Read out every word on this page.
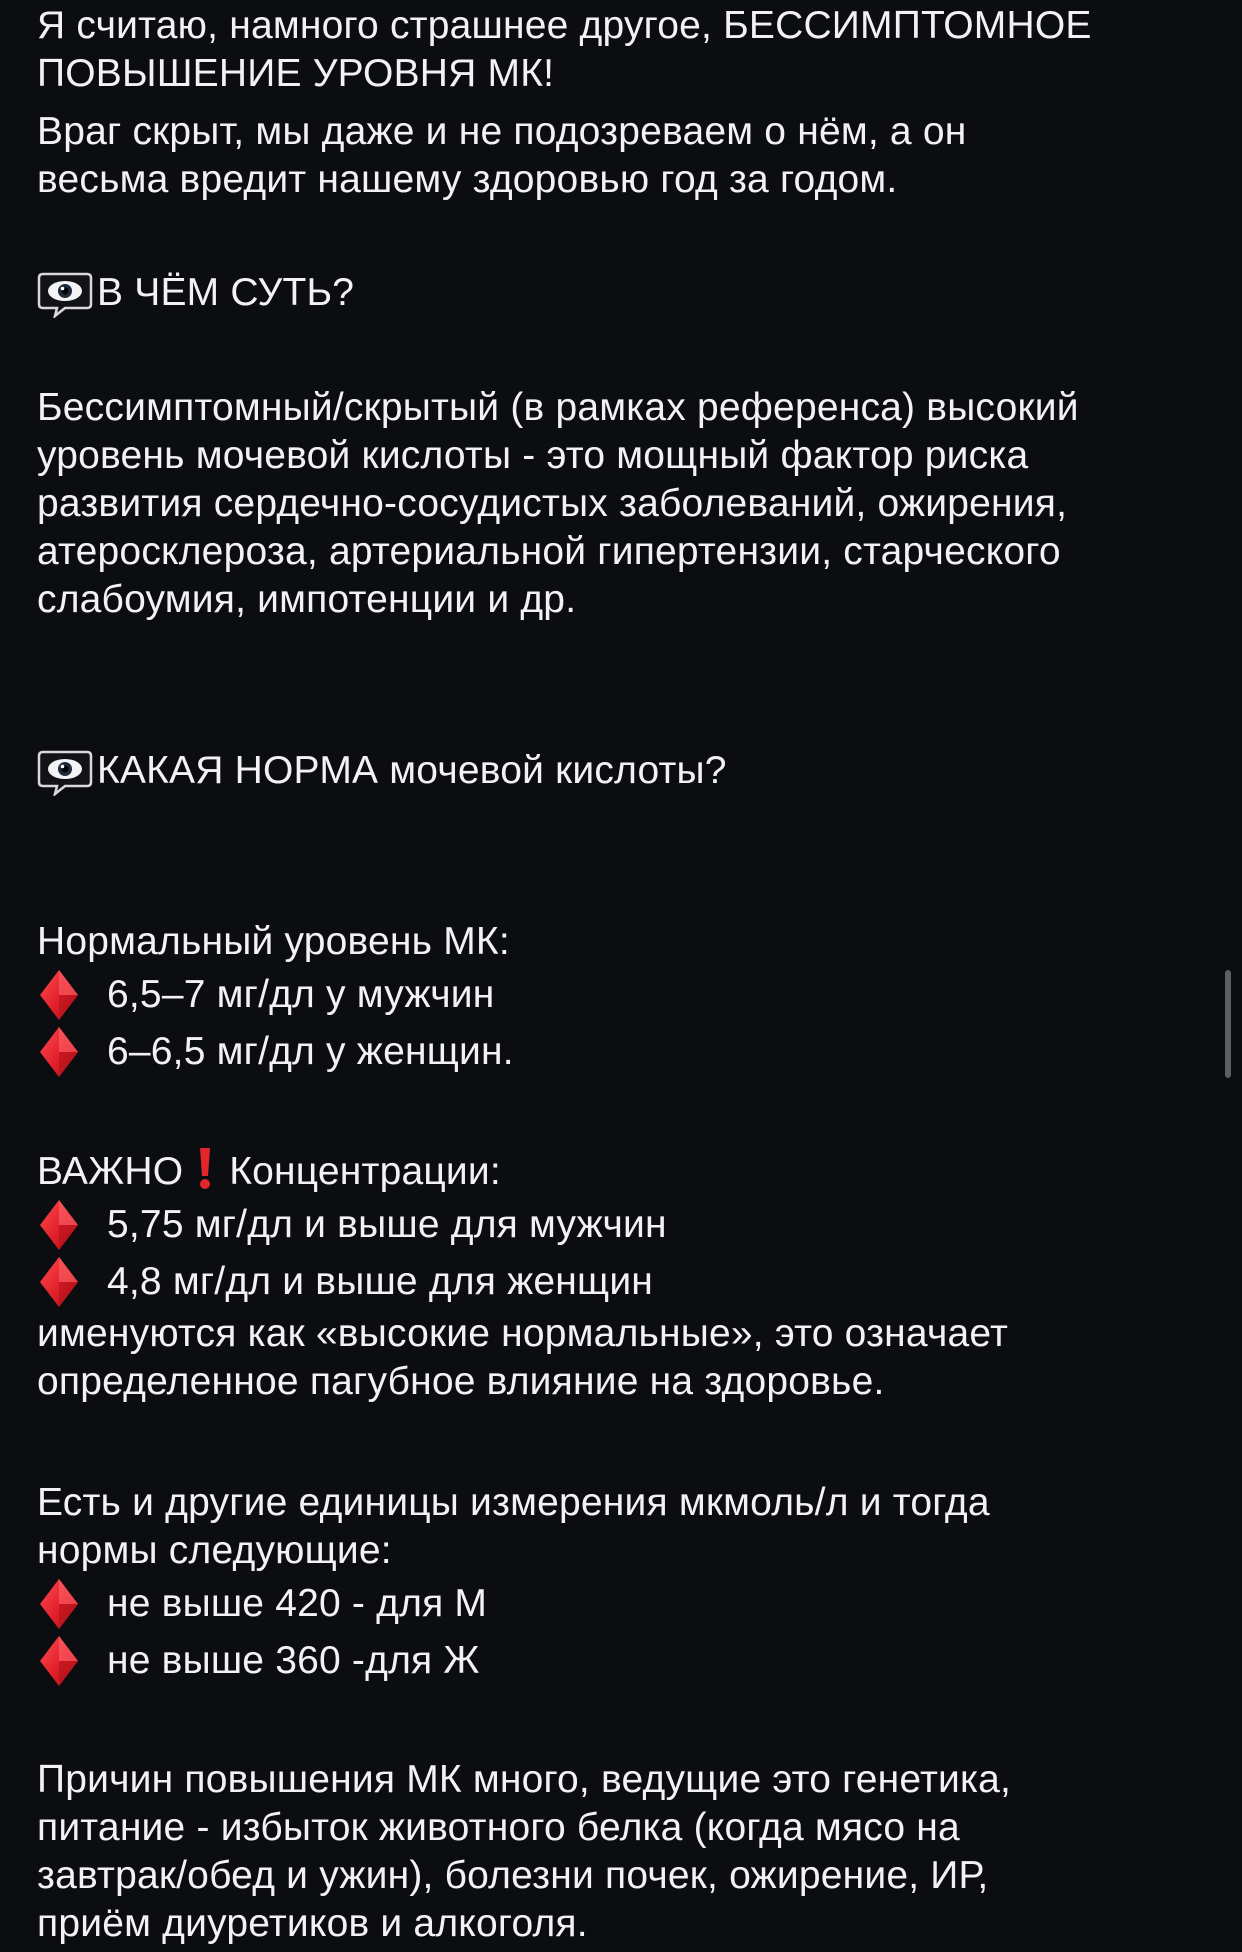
Я считаю, намного страшнее другое, БЕССИМПТОМНОЕ
ПОВЫШЕНИЕ УРОВНЯ МК!
Враг скрыт, мы даже и не подозреваем о нём, а он
весьма вредит нашему здоровью год за годом.
В ЧЁМ СУТЬ?
Бессимптомный/скрытый (в рамках референса) высокий
уровень мочевой кислоты - это мощный фактор риска
развития сердечно-сосудистых заболеваний, ожирения,
атеросклероза, артериальной гипертензии, старческого
слабоумия, импотенции и др.
КАКАЯ НОРМА мочевой кислоты?
Нормальный уровень МК:
6,5–7 мг/дл у мужчин
6–6,5 мг/дл у женщин.
ВАЖНО Концентрации:
5,75 мг/дл и выше для мужчин
4,8 мг/дл и выше для женщин
именуются как «высокие нормальные», это означает
определенное пагубное влияние на здоровье.
Есть и другие единицы измерения мкмоль/л и тогда
нормы следующие:
не выше 420 - для М
не выше 360 -для Ж
Причин повышения МК много, ведущие это генетика,
питание - избыток животного белка (когда мясо на
завтрак/обед и ужин), болезни почек, ожирение, ИР,
приём диуретиков и алкоголя.
